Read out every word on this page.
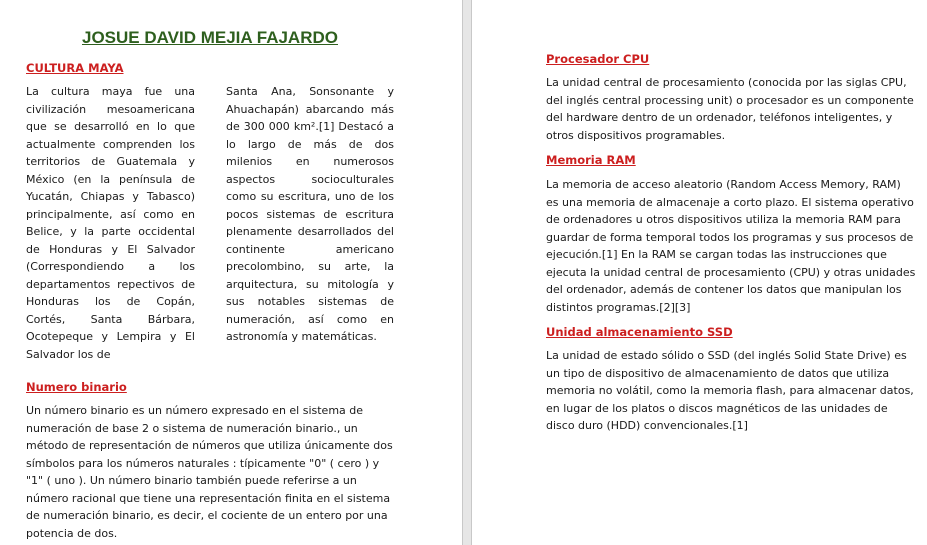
JOSUE DAVID MEJIA FAJARDO
CULTURA MAYA
La cultura maya fue una civilización mesoamericana que se desarrolló en lo que actualmente comprenden los territorios de Guatemala y México (en la península de Yucatán, Chiapas y Tabasco) principalmente, así como en Belice, y la parte occidental de Honduras y El Salvador (Correspondiendo a los departamentos repectivos de Honduras los de Copán, Cortés, Santa Bárbara, Ocotepeque y Lempira y El Salvador los de
Santa Ana, Sonsonante y Ahuachapán) abarcando más de 300 000 km².[1] Destacó a lo largo de más de dos milenios en numerosos aspectos socioculturales como su escritura, uno de los pocos sistemas de escritura plenamente desarrollados del continente americano precolombino, su arte, la arquitectura, su mitología y sus notables sistemas de numeración, así como en astronomía y matemáticas.
Numero binario
Un número binario es un número expresado en el sistema de numeración de base 2 o sistema de numeración binario., un método de representación de números que utiliza únicamente dos símbolos para los números naturales : típicamente "0" ( cero ) y "1" ( uno ). Un número binario también puede referirse a un número racional que tiene una representación finita en el sistema de numeración binario, es decir, el cociente de un entero por una potencia de dos.
Procesador CPU
La unidad central de procesamiento (conocida por las siglas CPU, del inglés central processing unit) o procesador es un componente del hardware dentro de un ordenador, teléfonos inteligentes, y otros dispositivos programables.
Memoria RAM
La memoria de acceso aleatorio (Random Access Memory, RAM) es una memoria de almacenaje a corto plazo. El sistema operativo de ordenadores u otros dispositivos utiliza la memoria RAM para guardar de forma temporal todos los programas y sus procesos de ejecución.[1] En la RAM se cargan todas las instrucciones que ejecuta la unidad central de procesamiento (CPU) y otras unidades del ordenador, además de contener los datos que manipulan los distintos programas.[2][3]
Unidad almacenamiento SSD
La unidad de estado sólido o SSD (del inglés Solid State Drive) es un tipo de dispositivo de almacenamiento de datos que utiliza memoria no volátil, como la memoria flash, para almacenar datos, en lugar de los platos o discos magnéticos de las unidades de disco duro (HDD) convencionales.[1]
